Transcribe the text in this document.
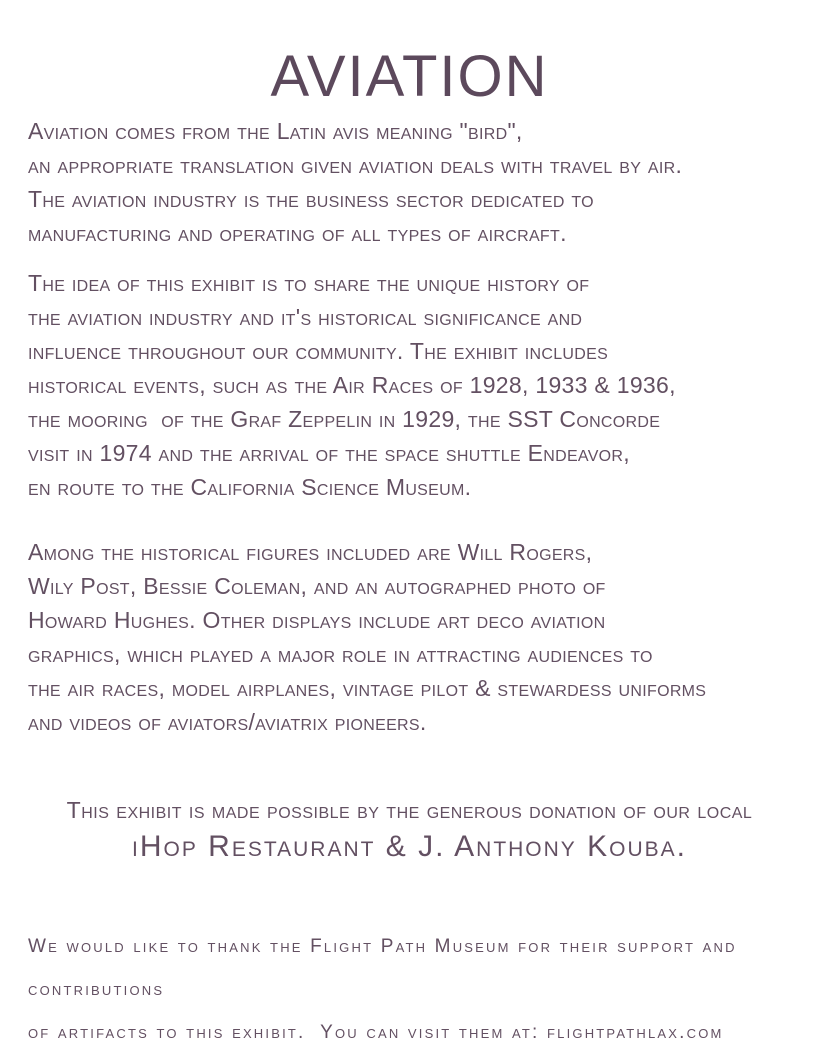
AVIATION
Aviation comes from the Latin avis meaning "bird",
an appropriate translation given aviation deals with travel by air.
The aviation industry is the business sector dedicated to
manufacturing and operating of all types of aircraft.
The idea of this exhibit is to share the unique history of
the aviation industry and it's historical significance and
influence throughout our community. The exhibit includes
historical events, such as the Air Races of 1928, 1933 & 1936,
the mooring  of the Graf Zeppelin in 1929, the SST Concorde
visit in 1974 and the arrival of the space shuttle Endeavor,
en route to the California Science Museum.
Among the historical figures included are Will Rogers,
Wily Post, Bessie Coleman, and an autographed photo of
Howard Hughes. Other displays include art deco aviation
graphics, which played a major role in attracting audiences to
the air races, model airplanes, vintage pilot & stewardess uniforms
and videos of aviators/aviatrix pioneers.
This exhibit is made possible by the generous donation of our local
iHop Restaurant & J. Anthony Kouba.
We would like to thank the Flight Path Museum for their support and contributions
of artifacts to this exhibit.  You can visit them at: flightpathlax.com
